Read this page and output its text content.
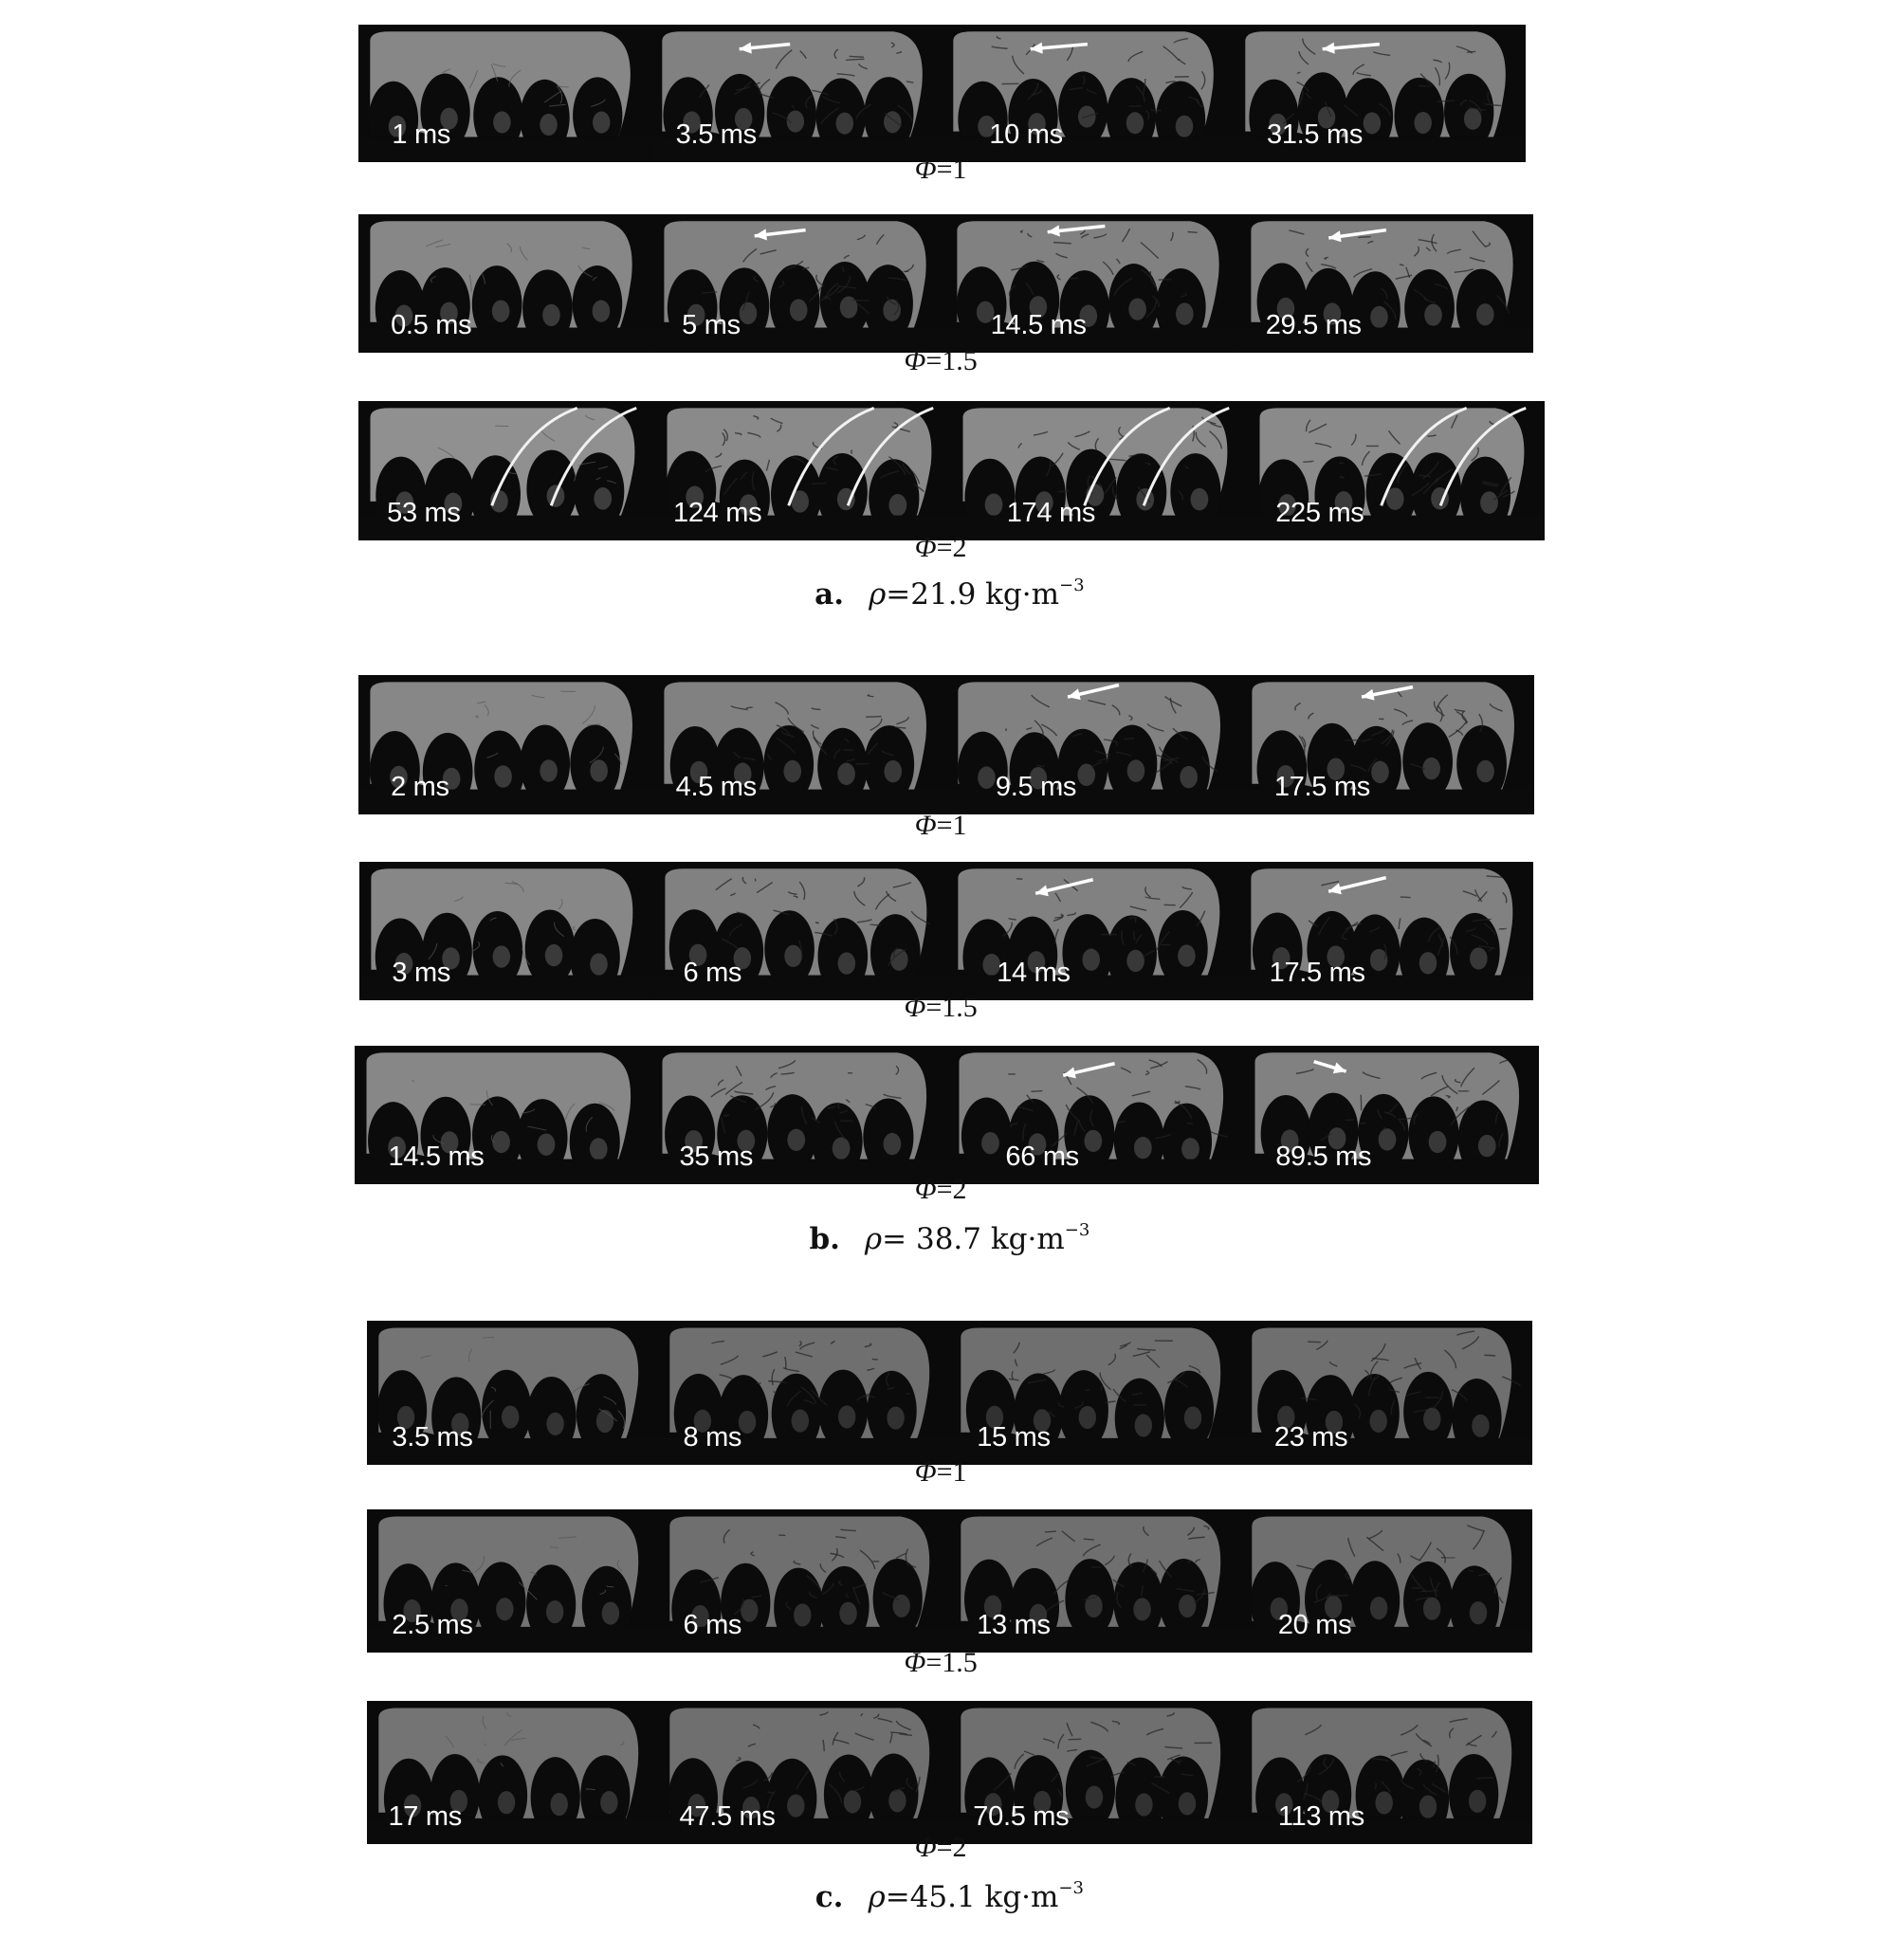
1 ms	3.5 ms	10 ms	31.5 ms
Φ=1
0.5 ms	5 ms	14.5 ms	29.5 ms
Φ=1.5
53 ms	124 ms	174 ms	225 ms
Φ=2
a. ρ=21.9 $kg\cdot m^{-3}$
2 ms	4.5 ms	9.5 ms	17.5 ms
Φ=1
3 ms	6 ms	14 ms	17.5 ms
Φ=1.5
14.5 ms	35 ms	66 ms	89.5 ms
Φ=2
b. ρ= 38.7 $kg\cdot m^{-3}$
3.5 ms	8 ms	15 ms	23 ms
Φ=1
2.5 ms	6 ms	13 ms	20 ms
Φ=1.5
17 ms	47.5 ms	70.5 ms	113 ms
Φ=2
c. ρ=45.1 $kg\cdot m^{-3}$
